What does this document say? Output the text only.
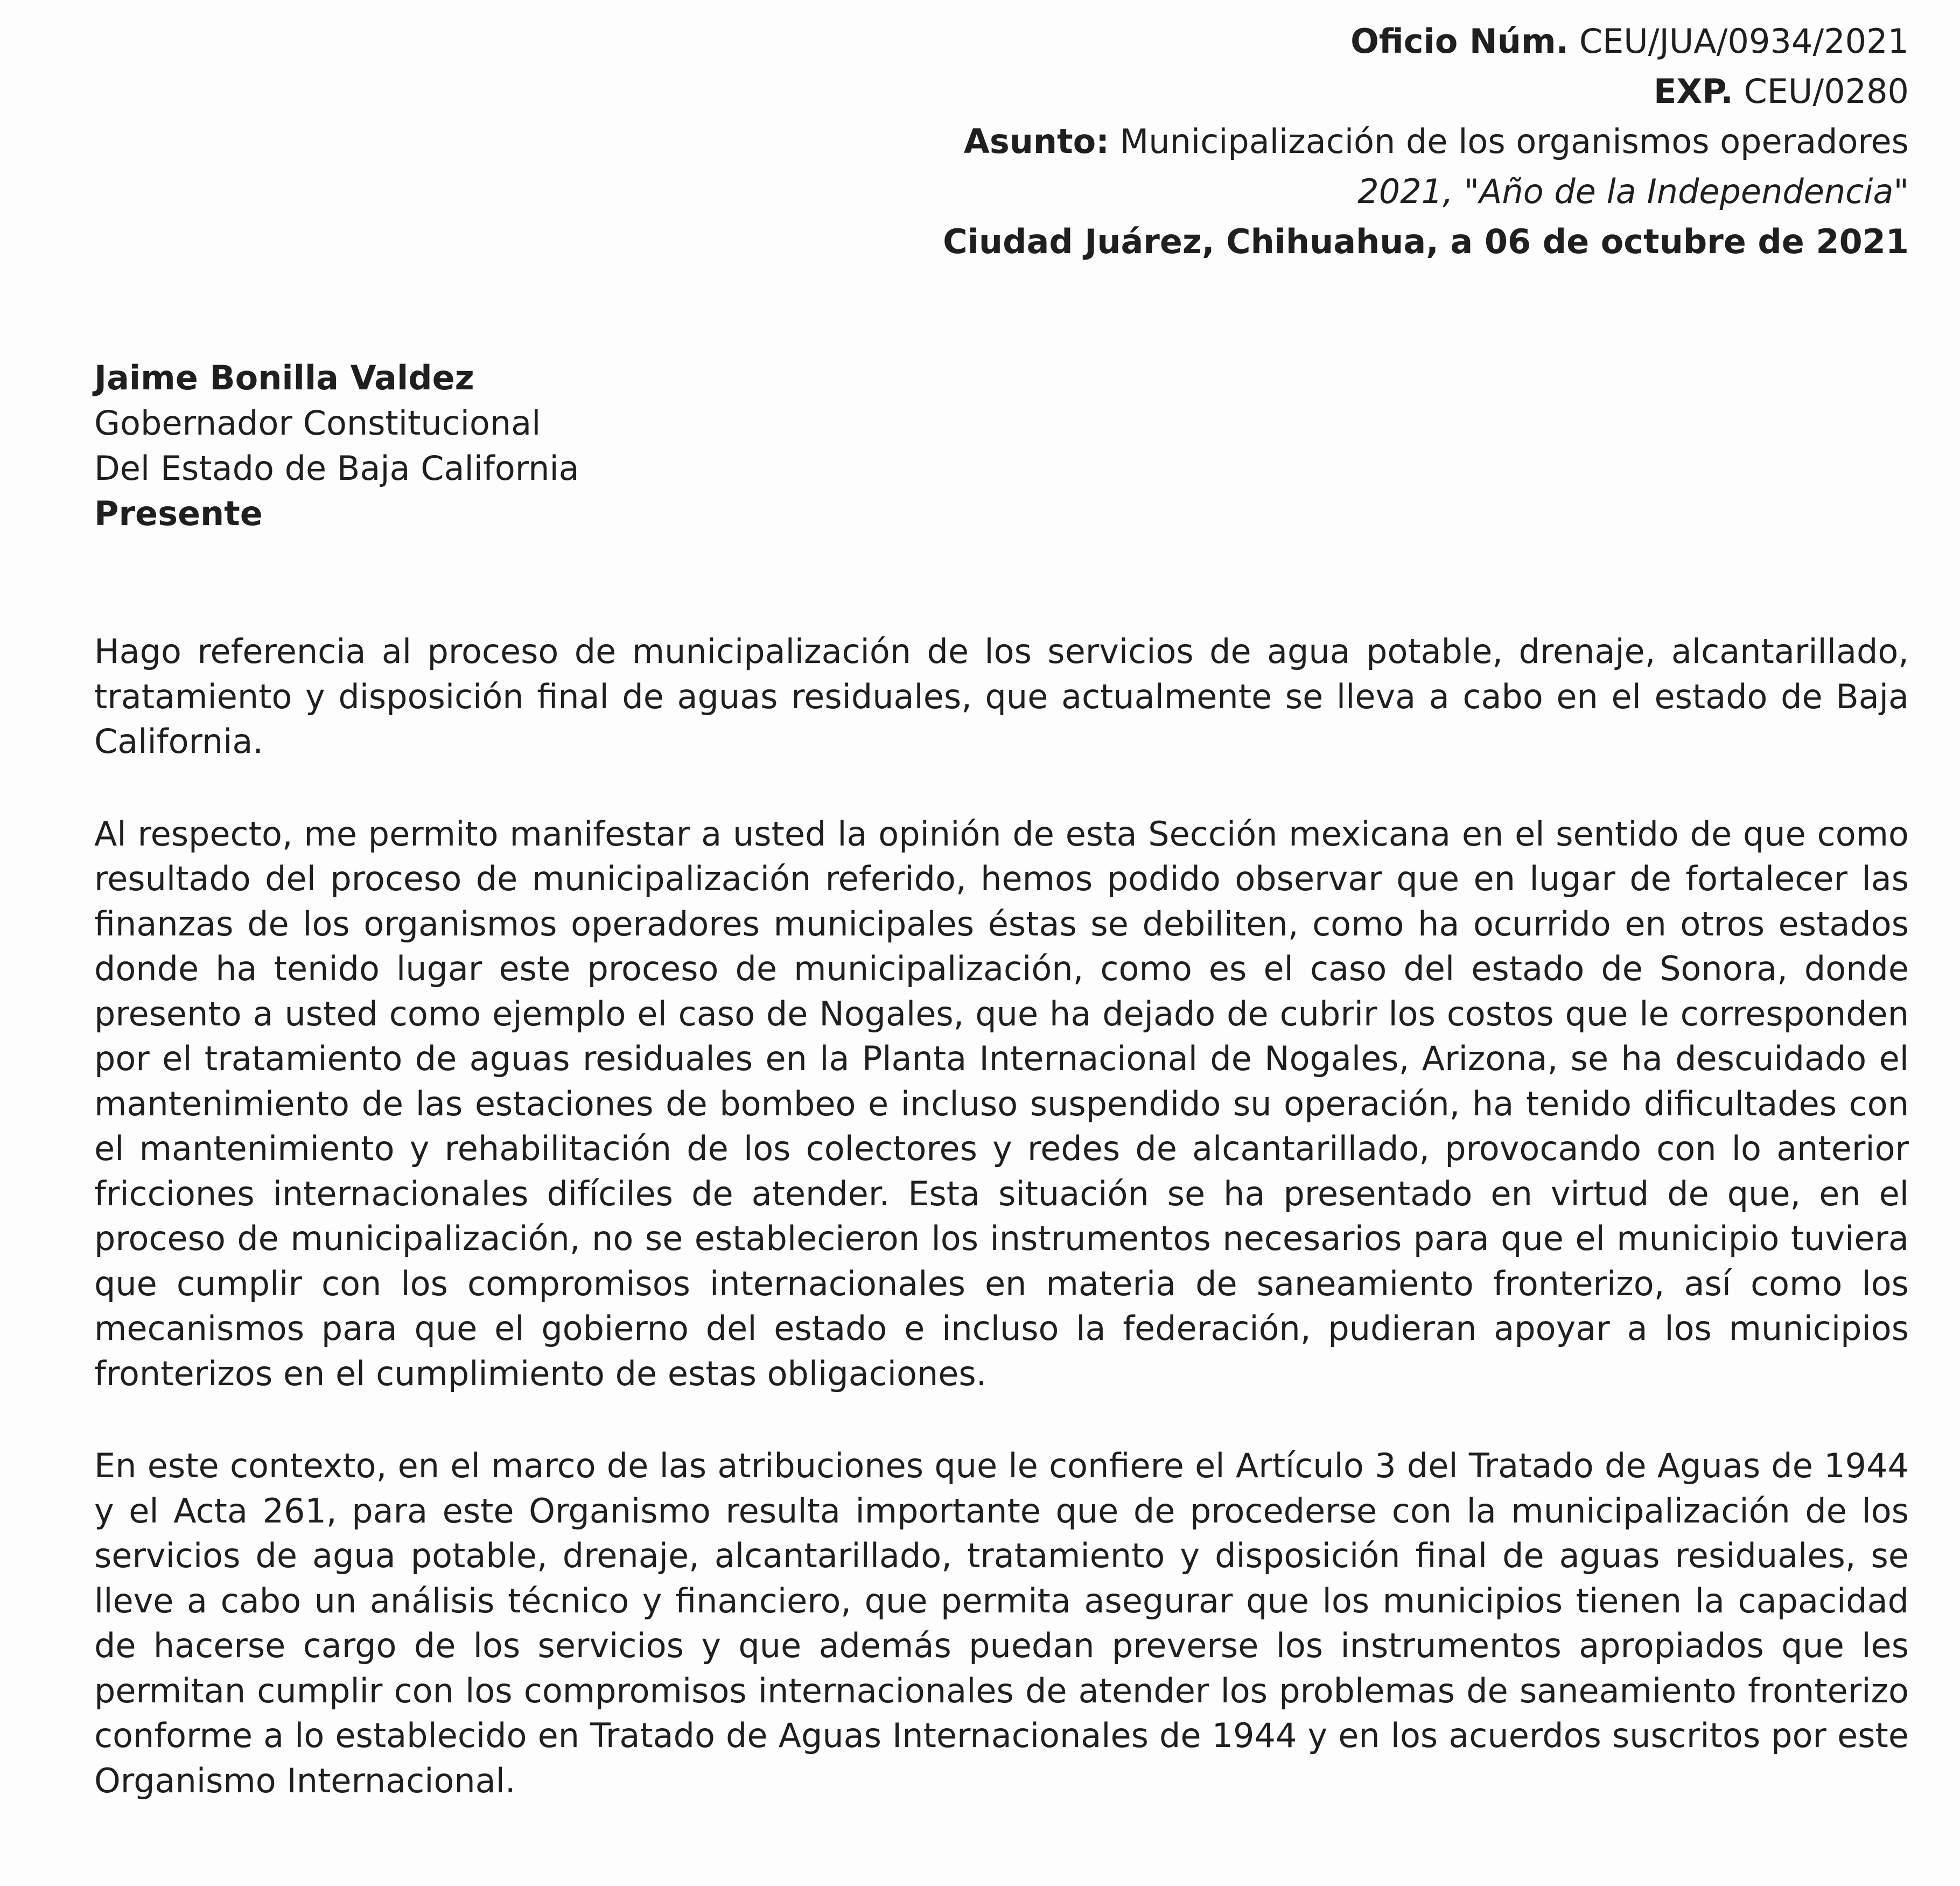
Oficio Núm. CEU/JUA/0934/2021
EXP. CEU/0280
Asunto: Municipalización de los organismos operadores
2021, "Año de la Independencia"
Ciudad Juárez, Chihuahua, a 06 de octubre de 2021
Jaime Bonilla Valdez
Gobernador Constitucional
Del Estado de Baja California
Presente

Hago referencia al proceso de municipalización de los servicios de agua potable, drenaje, alcantarillado, tratamiento y disposición final de aguas residuales, que actualmente se lleva a cabo en el estado de Baja California.

Al respecto, me permito manifestar a usted la opinión de esta Sección mexicana en el sentido de que como resultado del proceso de municipalización referido, hemos podido observar que en lugar de fortalecer las finanzas de los organismos operadores municipales éstas se debiliten, como ha ocurrido en otros estados donde ha tenido lugar este proceso de municipalización, como es el caso del estado de Sonora, donde presento a usted como ejemplo el caso de Nogales, que ha dejado de cubrir los costos que le corresponden por el tratamiento de aguas residuales en la Planta Internacional de Nogales, Arizona, se ha descuidado el mantenimiento de las estaciones de bombeo e incluso suspendido su operación, ha tenido dificultades con el mantenimiento y rehabilitación de los colectores y redes de alcantarillado, provocando con lo anterior fricciones internacionales difíciles de atender. Esta situación se ha presentado en virtud de que, en el proceso de municipalización, no se establecieron los instrumentos necesarios para que el municipio tuviera que cumplir con los compromisos internacionales en materia de saneamiento fronterizo, así como los mecanismos para que el gobierno del estado e incluso la federación, pudieran apoyar a los municipios fronterizos en el cumplimiento de estas obligaciones.

En este contexto, en el marco de las atribuciones que le confiere el Artículo 3 del Tratado de Aguas de 1944 y el Acta 261, para este Organismo resulta importante que de procederse con la municipalización de los servicios de agua potable, drenaje, alcantarillado, tratamiento y disposición final de aguas residuales, se lleve a cabo un análisis técnico y financiero, que permita asegurar que los municipios tienen la capacidad de hacerse cargo de los servicios y que además puedan preverse los instrumentos apropiados que les permitan cumplir con los compromisos internacionales de atender los problemas de saneamiento fronterizo conforme a lo establecido en Tratado de Aguas Internacionales de 1944 y en los acuerdos suscritos por este Organismo Internacional.
